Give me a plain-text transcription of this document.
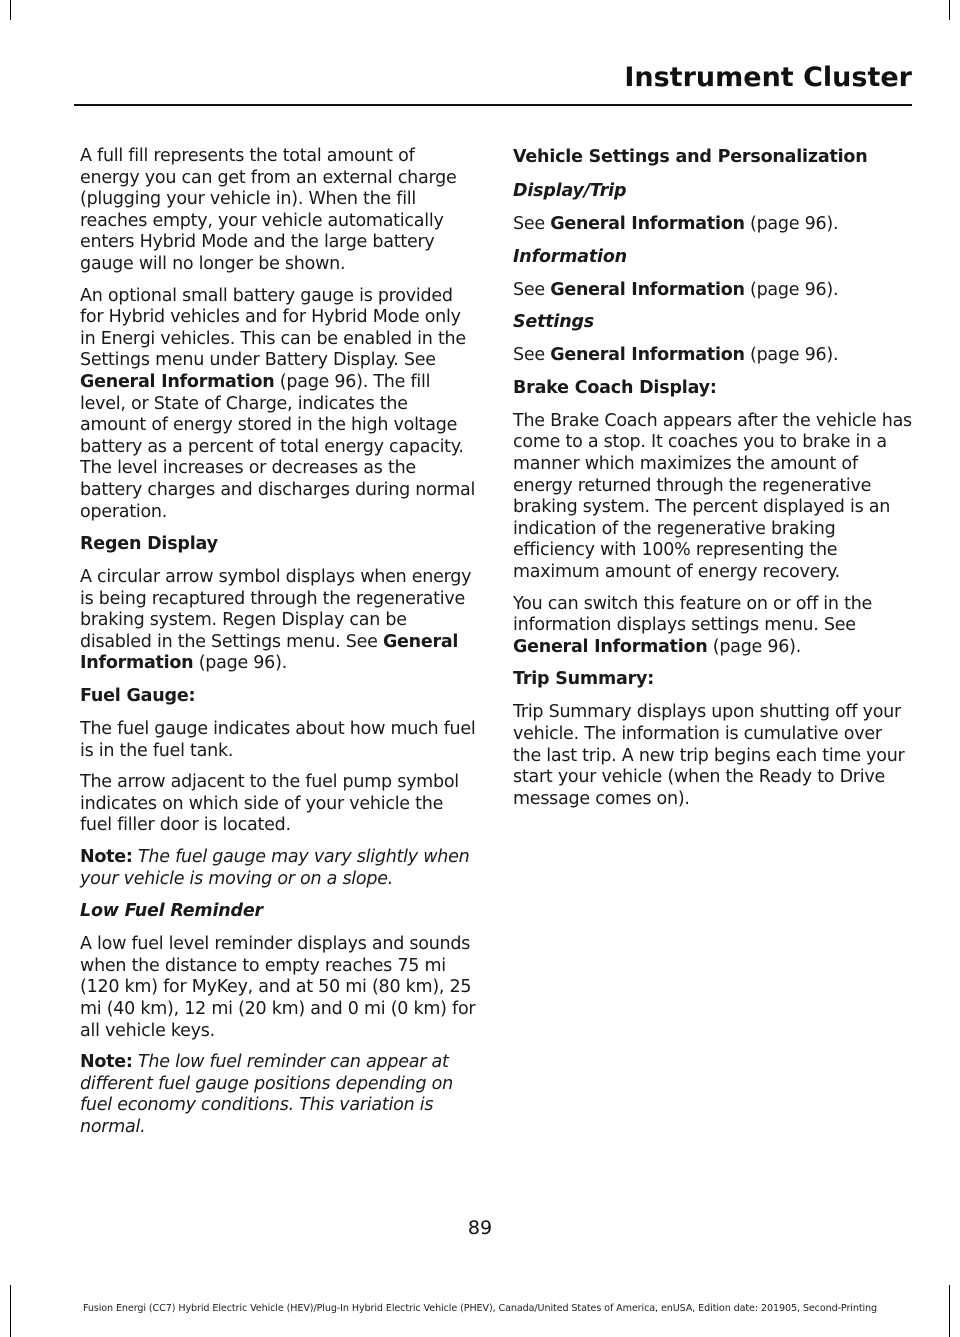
Instrument Cluster

A full fill represents the total amount of energy you can get from an external charge (plugging your vehicle in). When the fill reaches empty, your vehicle automatically enters Hybrid Mode and the large battery gauge will no longer be shown.

An optional small battery gauge is provided for Hybrid vehicles and for Hybrid Mode only in Energi vehicles. This can be enabled in the Settings menu under Battery Display. See General Information (page 96). The fill level, or State of Charge, indicates the amount of energy stored in the high voltage battery as a percent of total energy capacity. The level increases or decreases as the battery charges and discharges during normal operation.

Regen Display

A circular arrow symbol displays when energy is being recaptured through the regenerative braking system. Regen Display can be disabled in the Settings menu. See General Information (page 96).

Fuel Gauge:

The fuel gauge indicates about how much fuel is in the fuel tank.

The arrow adjacent to the fuel pump symbol indicates on which side of your vehicle the fuel filler door is located.

Note: The fuel gauge may vary slightly when your vehicle is moving or on a slope.

Low Fuel Reminder

A low fuel level reminder displays and sounds when the distance to empty reaches 75 mi (120 km) for MyKey, and at 50 mi (80 km), 25 mi (40 km), 12 mi (20 km) and 0 mi (0 km) for all vehicle keys.

Note: The low fuel reminder can appear at different fuel gauge positions depending on fuel economy conditions. This variation is normal.

Vehicle Settings and Personalization
Display/Trip

See General Information (page 96).

Information

See General Information (page 96).

Settings

See General Information (page 96).

Brake Coach Display:

The Brake Coach appears after the vehicle has come to a stop. It coaches you to brake in a manner which maximizes the amount of energy returned through the regenerative braking system. The percent displayed is an indication of the regenerative braking efficiency with 100% representing the maximum amount of energy recovery.

You can switch this feature on or off in the information displays settings menu. See General Information (page 96).

Trip Summary:

Trip Summary displays upon shutting off your vehicle. The information is cumulative over the last trip. A new trip begins each time your start your vehicle (when the Ready to Drive message comes on).

89
Fusion Energi (CC7) Hybrid Electric Vehicle (HEV)/Plug-In Hybrid Electric Vehicle (PHEV), Canada/United States of America, enUSA, Edition date: 201905, Second-Printing
